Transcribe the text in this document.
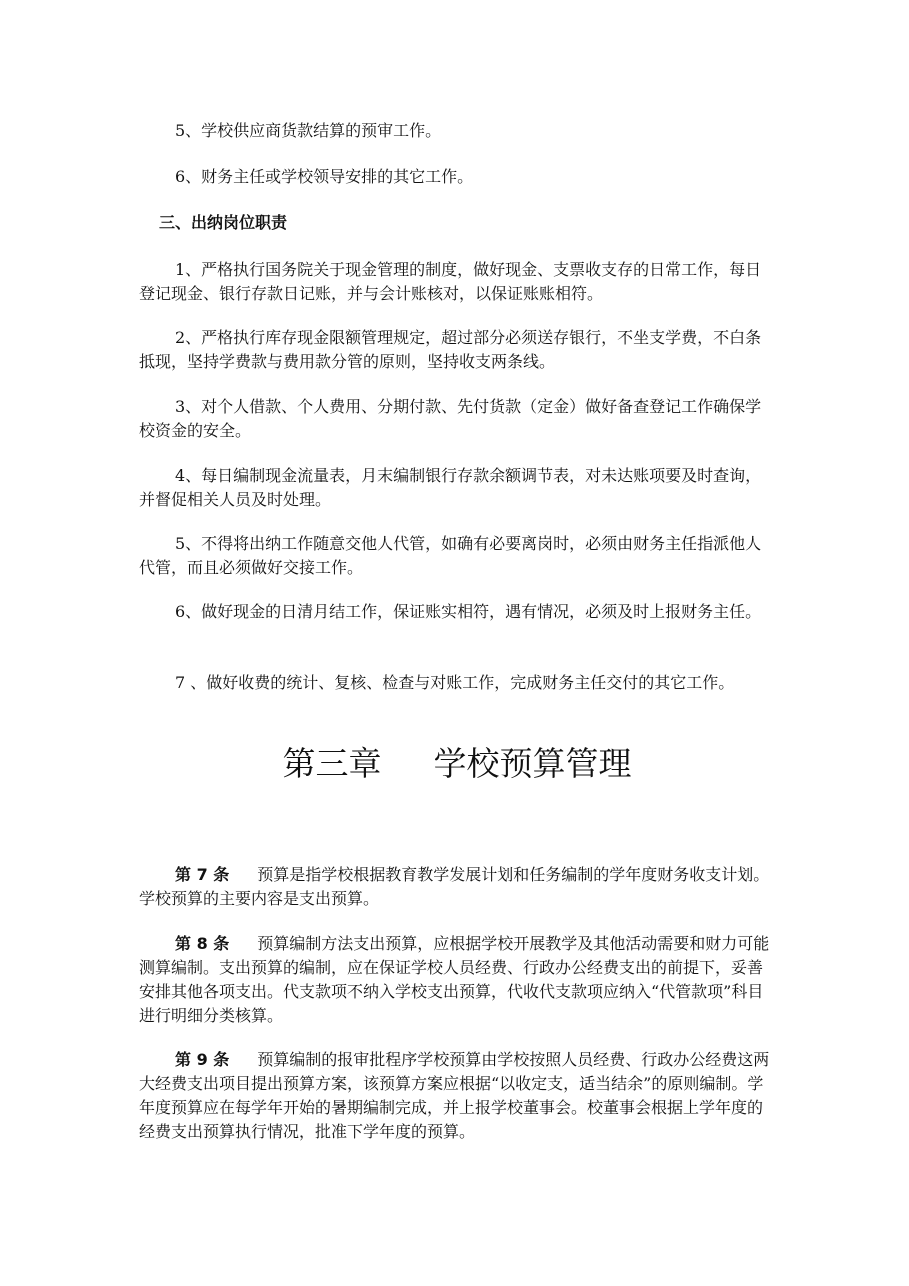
5、学校供应商货款结算的预审工作。

6、财务主任或学校领导安排的其它工作。

三、出纳岗位职责

1、严格执行国务院关于现金管理的制度，做好现金、支票收支存的日常工作，每日登记现金、银行存款日记账，并与会计账核对，以保证账账相符。

2、严格执行库存现金限额管理规定，超过部分必须送存银行，不坐支学费，不白条抵现，坚持学费款与费用款分管的原则，坚持收支两条线。

3、对个人借款、个人费用、分期付款、先付货款（定金）做好备查登记工作确保学校资金的安全。

4、每日编制现金流量表，月末编制银行存款余额调节表，对未达账项要及时查询，并督促相关人员及时处理。

5、不得将出纳工作随意交他人代管，如确有必要离岗时，必须由财务主任指派他人代管，而且必须做好交接工作。

6、做好现金的日清月结工作，保证账实相符，遇有情况，必须及时上报财务主任。

7 、做好收费的统计、复核、检查与对账工作，完成财务主任交付的其它工作。

第三章 学校预算管理

第 7 条 预算是指学校根据教育教学发展计划和任务编制的学年度财务收支计划。学校预算的主要内容是支出预算。

第 8 条 预算编制方法支出预算，应根据学校开展教学及其他活动需要和财力可能测算编制。支出预算的编制，应在保证学校人员经费、行政办公经费支出的前提下，妥善安排其他各项支出。代支款项不纳入学校支出预算，代收代支款项应纳入“代管款项”科目进行明细分类核算。

第 9 条 预算编制的报审批程序学校预算由学校按照人员经费、行政办公经费这两大经费支出项目提出预算方案，该预算方案应根据“以收定支，适当结余”的原则编制。学年度预算应在每学年开始的暑期编制完成，并上报学校董事会。校董事会根据上学年度的经费支出预算执行情况，批准下学年度的预算。
